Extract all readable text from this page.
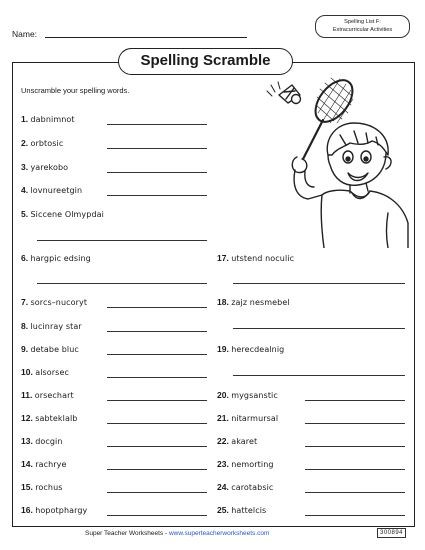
Name:
Spelling List F:
Extracurricular Activities
Spelling Scramble
Unscramble your spelling words.
1. dabnimnot
2. orbtosic
3. yarekobo
4. lovnureetgin
5. Siccene Olmypdai
6. hargpic edsing
7. sorcs–nucoryt
8. lucinray star
9. detabe bluc
10. alsorsec
11. orsechart
12. sabteklalb
13. docgin
14. rachrye
15. rochus
16. hopotphargy
17. utstend noculic
18. zajz nesmebel
19. herecdealnig
20. mygsanstic
21. nitarmursal
22. akaret
23. nemorting
24. carotabsic
25. hattelcis
Super Teacher Worksheets - www.superteacherworksheets.com	300894
